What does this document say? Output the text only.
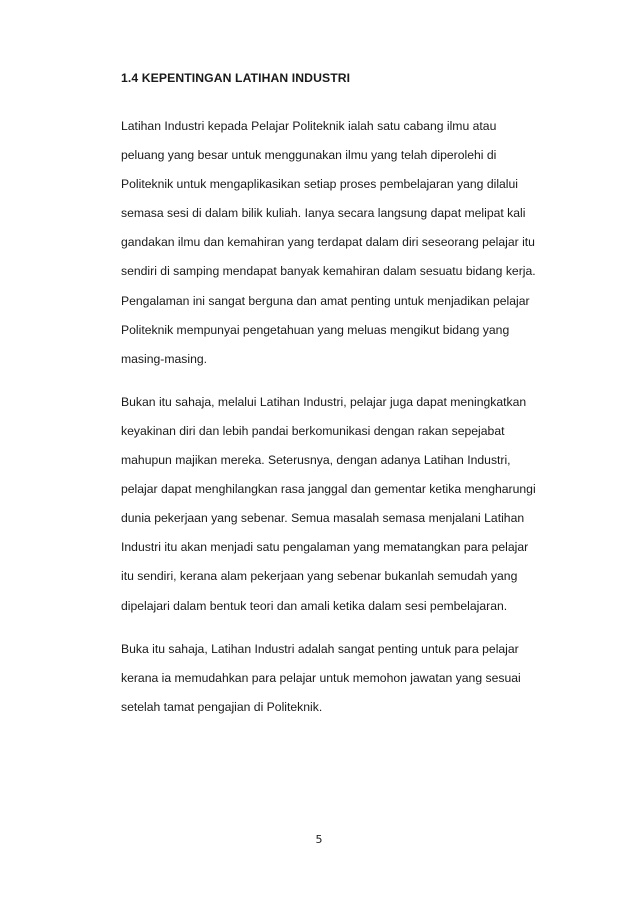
1.4 KEPENTINGAN LATIHAN INDUSTRI

Latihan Industri kepada Pelajar Politeknik ialah satu cabang ilmu atau
peluang yang besar untuk menggunakan ilmu yang telah diperolehi di
Politeknik untuk mengaplikasikan setiap proses pembelajaran yang dilalui
semasa sesi di dalam bilik kuliah. Ianya secara langsung dapat melipat kali
gandakan ilmu dan kemahiran yang terdapat dalam diri seseorang pelajar itu
sendiri di samping mendapat banyak kemahiran dalam sesuatu bidang kerja.
Pengalaman ini sangat berguna dan amat penting untuk menjadikan pelajar
Politeknik mempunyai pengetahuan yang meluas mengikut bidang yang
masing-masing.

Bukan itu sahaja, melalui Latihan Industri, pelajar juga dapat meningkatkan
keyakinan diri dan lebih pandai berkomunikasi dengan rakan sepejabat
mahupun majikan mereka. Seterusnya, dengan adanya Latihan Industri,
pelajar dapat menghilangkan rasa janggal dan gementar ketika mengharungi
dunia pekerjaan yang sebenar. Semua masalah semasa menjalani Latihan
Industri itu akan menjadi satu pengalaman yang mematangkan para pelajar
itu sendiri, kerana alam pekerjaan yang sebenar bukanlah semudah yang
dipelajari dalam bentuk teori dan amali ketika dalam sesi pembelajaran.

Buka itu sahaja, Latihan Industri adalah sangat penting untuk para pelajar
kerana ia memudahkan para pelajar untuk memohon jawatan yang sesuai
setelah tamat pengajian di Politeknik.

5
